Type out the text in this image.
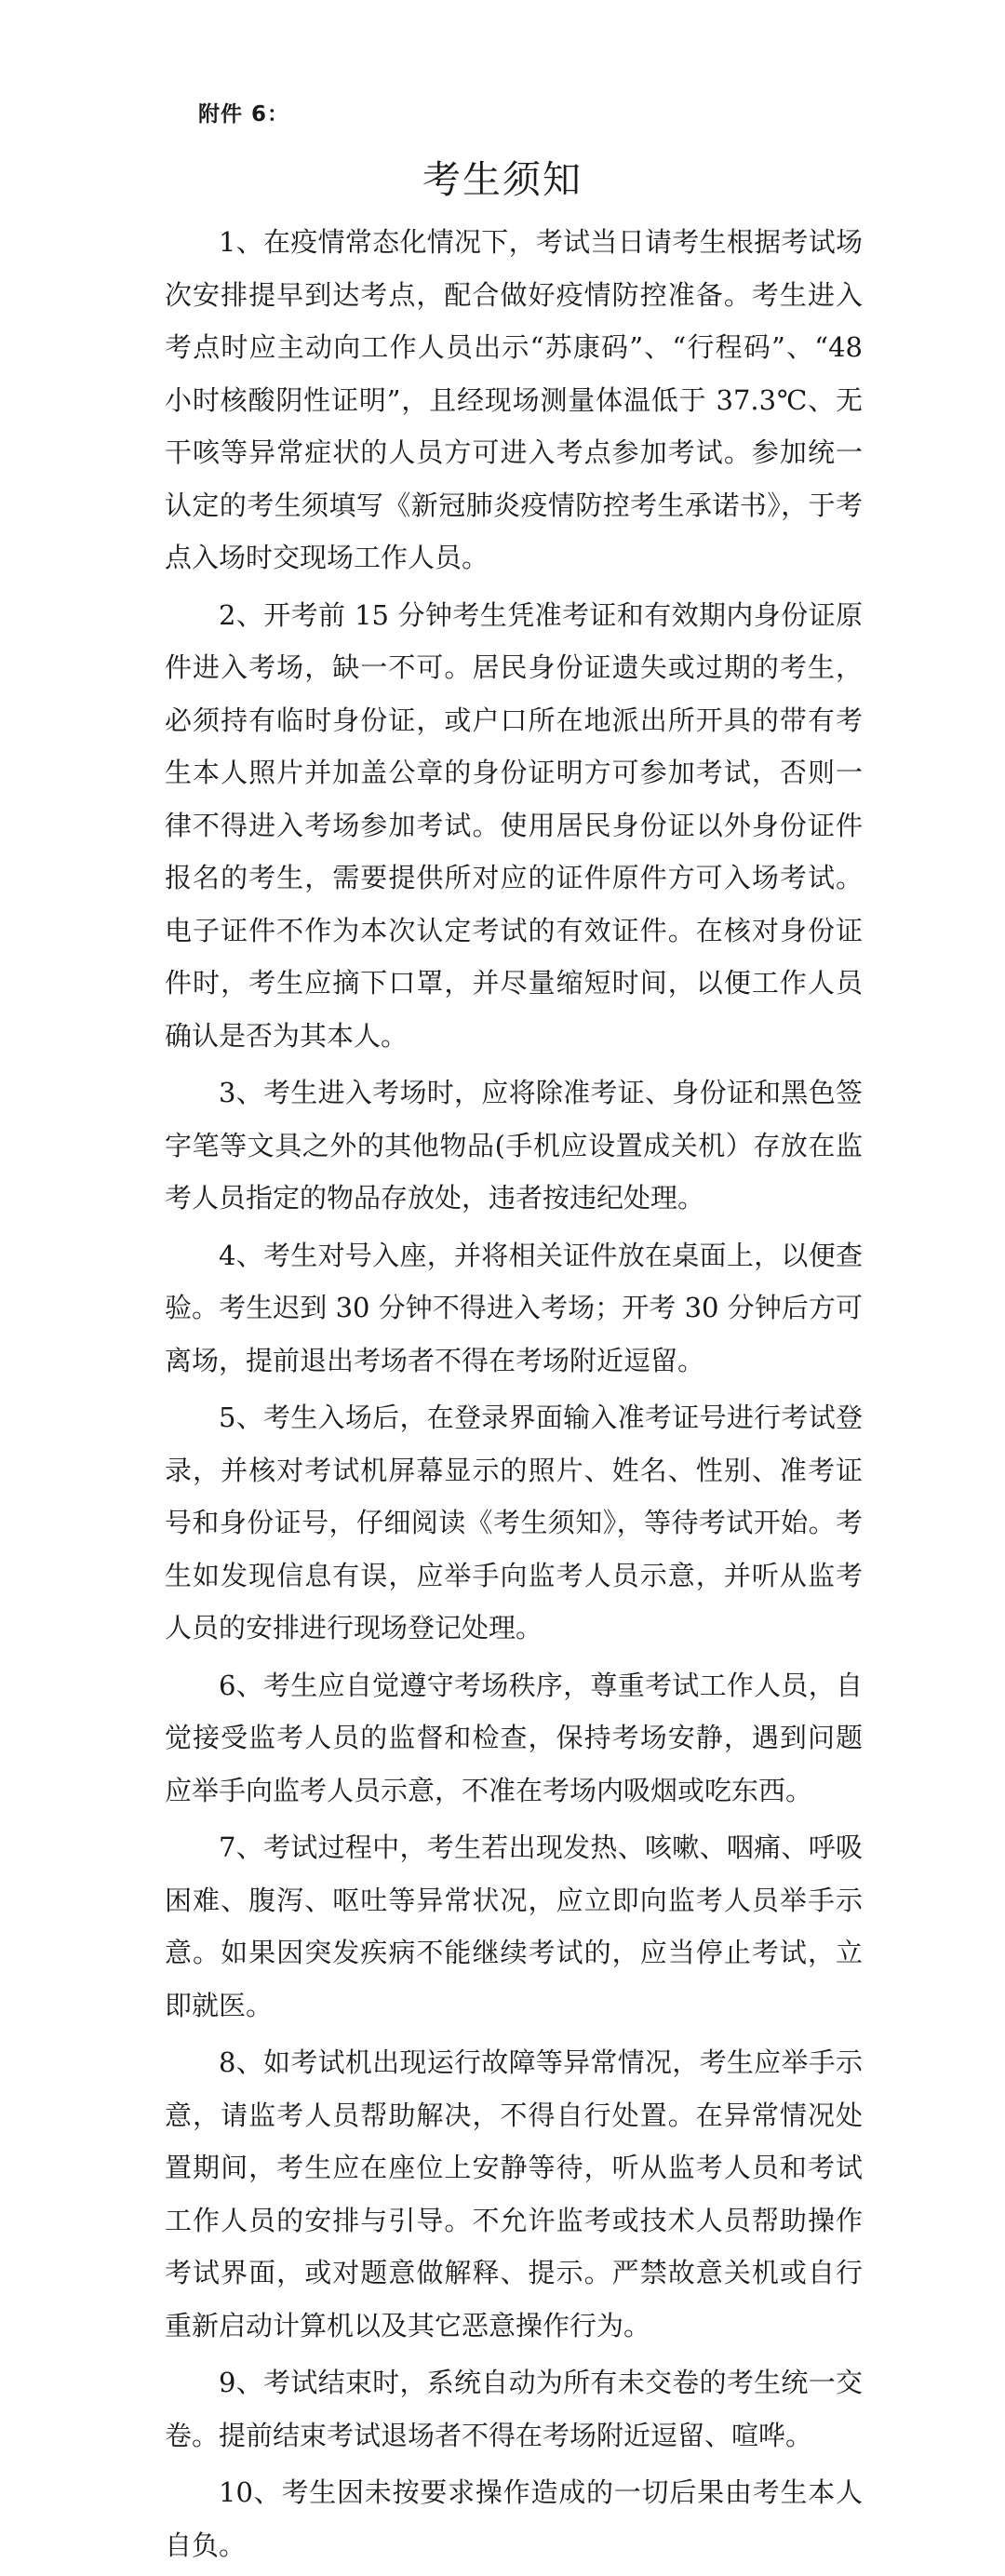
附件 6：
考生须知

1、在疫情常态化情况下，考试当日请考生根据考试场次安排提早到达考点，配合做好疫情防控准备。考生进入考点时应主动向工作人员出示“苏康码”、“行程码”、“48 小时核酸阴性证明”，且经现场测量体温低于 37.3℃、无干咳等异常症状的人员方可进入考点参加考试。参加统一认定的考生须填写《新冠肺炎疫情防控考生承诺书》，于考点入场时交现场工作人员。

2、开考前 15 分钟考生凭准考证和有效期内身份证原件进入考场，缺一不可。居民身份证遗失或过期的考生，必须持有临时身份证，或户口所在地派出所开具的带有考生本人照片并加盖公章的身份证明方可参加考试，否则一律不得进入考场参加考试。使用居民身份证以外身份证件报名的考生，需要提供所对应的证件原件方可入场考试。电子证件不作为本次认定考试的有效证件。在核对身份证件时，考生应摘下口罩，并尽量缩短时间，以便工作人员确认是否为其本人。

3、考生进入考场时，应将除准考证、身份证和黑色签字笔等文具之外的其他物品(手机应设置成关机）存放在监考人员指定的物品存放处，违者按违纪处理。

4、考生对号入座，并将相关证件放在桌面上，以便查验。考生迟到 30 分钟不得进入考场；开考 30 分钟后方可离场，提前退出考场者不得在考场附近逗留。

5、考生入场后，在登录界面输入准考证号进行考试登录，并核对考试机屏幕显示的照片、姓名、性别、准考证号和身份证号，仔细阅读《考生须知》，等待考试开始。考生如发现信息有误，应举手向监考人员示意，并听从监考人员的安排进行现场登记处理。

6、考生应自觉遵守考场秩序，尊重考试工作人员，自觉接受监考人员的监督和检查，保持考场安静，遇到问题应举手向监考人员示意，不准在考场内吸烟或吃东西。

7、考试过程中，考生若出现发热、咳嗽、咽痛、呼吸困难、腹泻、呕吐等异常状况，应立即向监考人员举手示意。如果因突发疾病不能继续考试的，应当停止考试，立即就医。

8、如考试机出现运行故障等异常情况，考生应举手示意，请监考人员帮助解决，不得自行处置。在异常情况处置期间，考生应在座位上安静等待，听从监考人员和考试工作人员的安排与引导。不允许监考或技术人员帮助操作考试界面，或对题意做解释、提示。严禁故意关机或自行重新启动计算机以及其它恶意操作行为。

9、考试结束时，系统自动为所有未交卷的考生统一交卷。提前结束考试退场者不得在考场附近逗留、喧哗。

10、考生因未按要求操作造成的一切后果由考生本人自负。
